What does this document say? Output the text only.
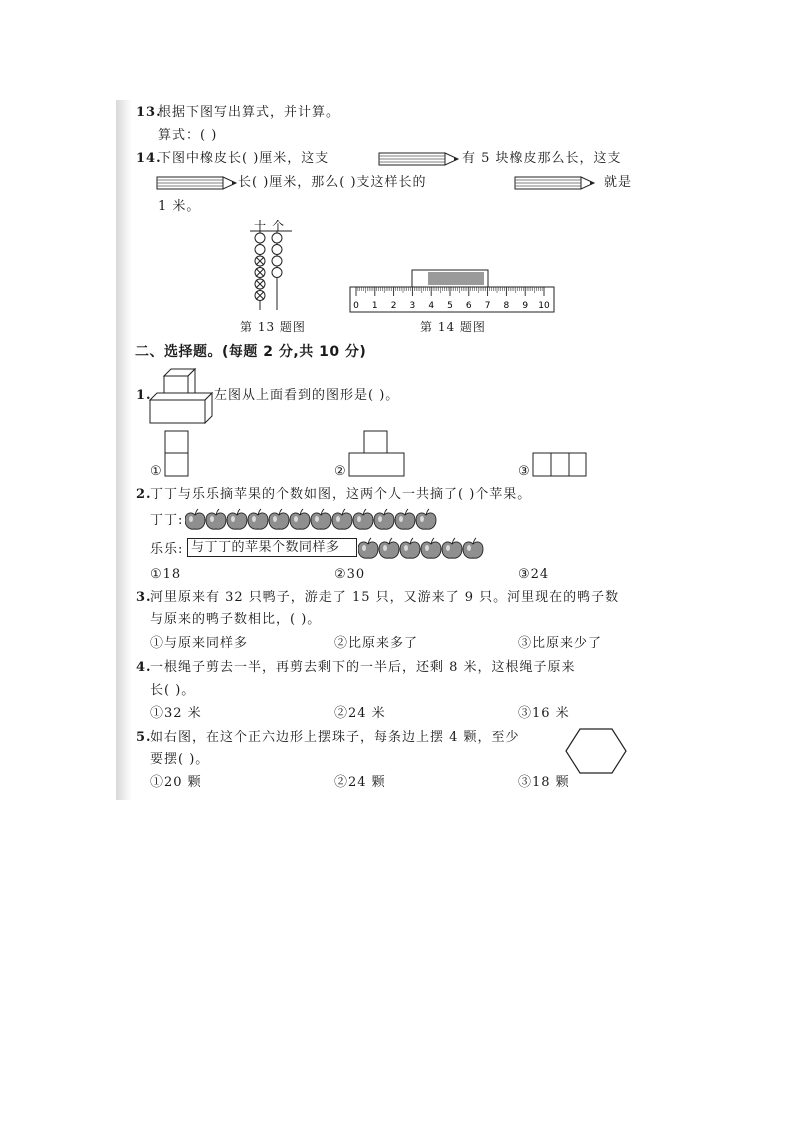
13.
根据下图写出算式，并计算。
算式：( )
14.
下图中橡皮长( )厘米，这支	有 5 块橡皮那么长，这支
长( )厘米，那么( )支这样长的	就是
1 米。
十 个
0 1 2 3 4 5 6 7 8 9 10
第 13 题图	第 14 题图
二、选择题。(每题 2 分,共 10 分)
1.	左图从上面看到的图形是( )。
①	②	③
2.
丁丁与乐乐摘苹果的个数如图，这两个人一共摘了( )个苹果。
丁丁:
乐乐: 与丁丁的苹果个数同样多
①18	②30	③24
3.
河里原来有 32 只鸭子，游走了 15 只，又游来了 9 只。河里现在的鸭子数
与原来的鸭子数相比，( )。
①与原来同样多	②比原来多了	③比原来少了
4.
一根绳子剪去一半，再剪去剩下的一半后，还剩 8 米，这根绳子原来
长( )。
①32 米	②24 米	③16 米
5.
如右图，在这个正六边形上摆珠子，每条边上摆 4 颗，至少
要摆( )。
①20 颗	②24 颗	③18 颗
